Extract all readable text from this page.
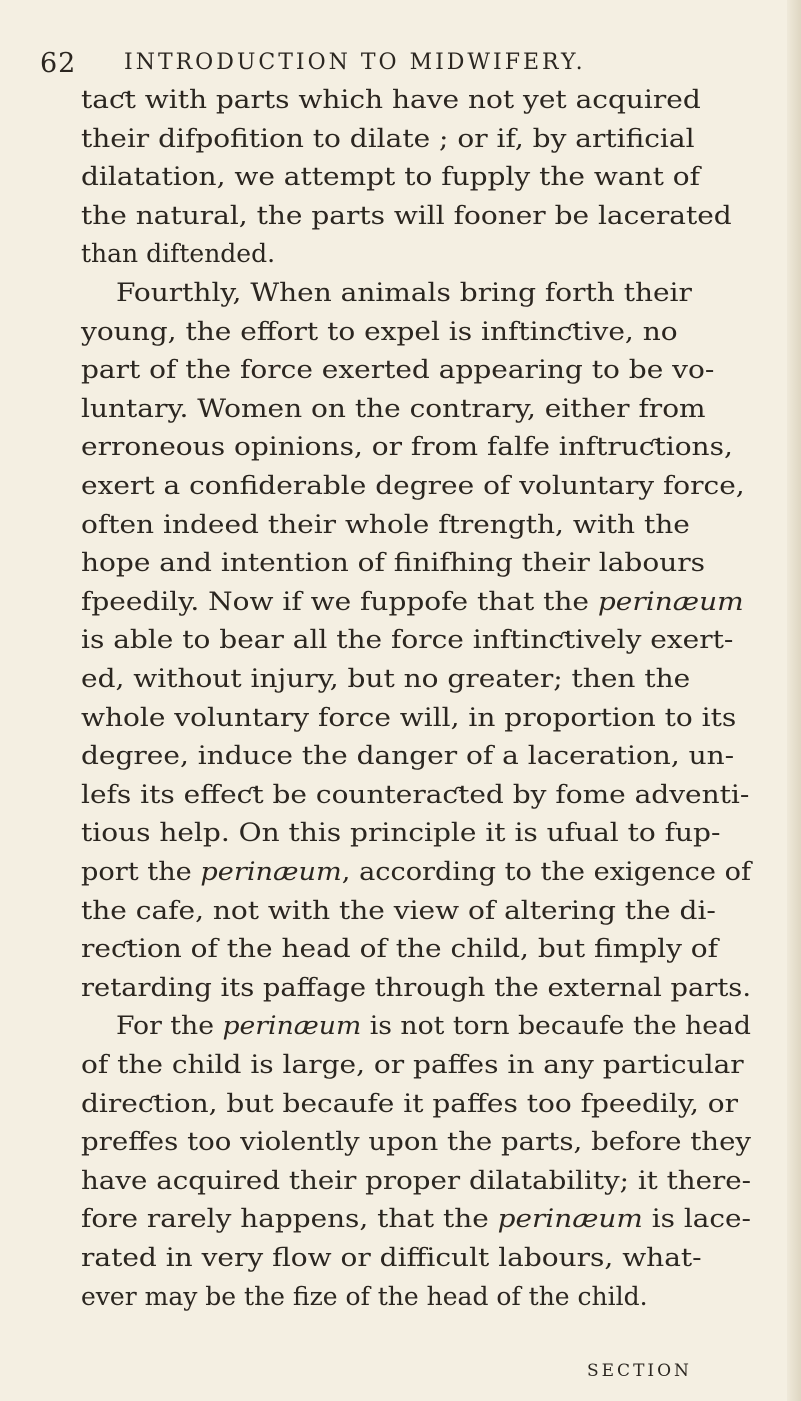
62 INTRODUCTION TO MIDWIFERY.
taƈt with parts which have not yet acquired
their difpofition to dilate ; or if, by artificial
dilatation, we attempt to fupply the want of
the natural, the parts will fooner be lacerated
than diftended.
Fourthly, When animals bring forth their
young, the effort to expel is inftinƈtive, no
part of the force exerted appearing to be vo-
luntary. Women on the contrary, either from
erroneous opinions, or from falfe inftruƈtions,
exert a confiderable degree of voluntary force,
often indeed their whole ftrength, with the
hope and intention of finifhing their labours
fpeedily. Now if we fuppofe that the perinæum
is able to bear all the force inftinƈtively exert-
ed, without injury, but no greater; then the
whole voluntary force will, in proportion to its
degree, induce the danger of a laceration, un-
lefs its effeƈt be counteraƈted by fome adventi-
tious help. On this principle it is ufual to fup-
port the perinæum, according to the exigence of
the cafe, not with the view of altering the di-
reƈtion of the head of the child, but fimply of
retarding its paffage through the external parts.
For the perinæum is not torn becaufe the head
of the child is large, or paffes in any particular
direƈtion, but becaufe it paffes too fpeedily, or
preffes too violently upon the parts, before they
have acquired their proper dilatability; it there-
fore rarely happens, that the perinæum is lace-
rated in very flow or difficult labours, what-
ever may be the fize of the head of the child.
SECTION
